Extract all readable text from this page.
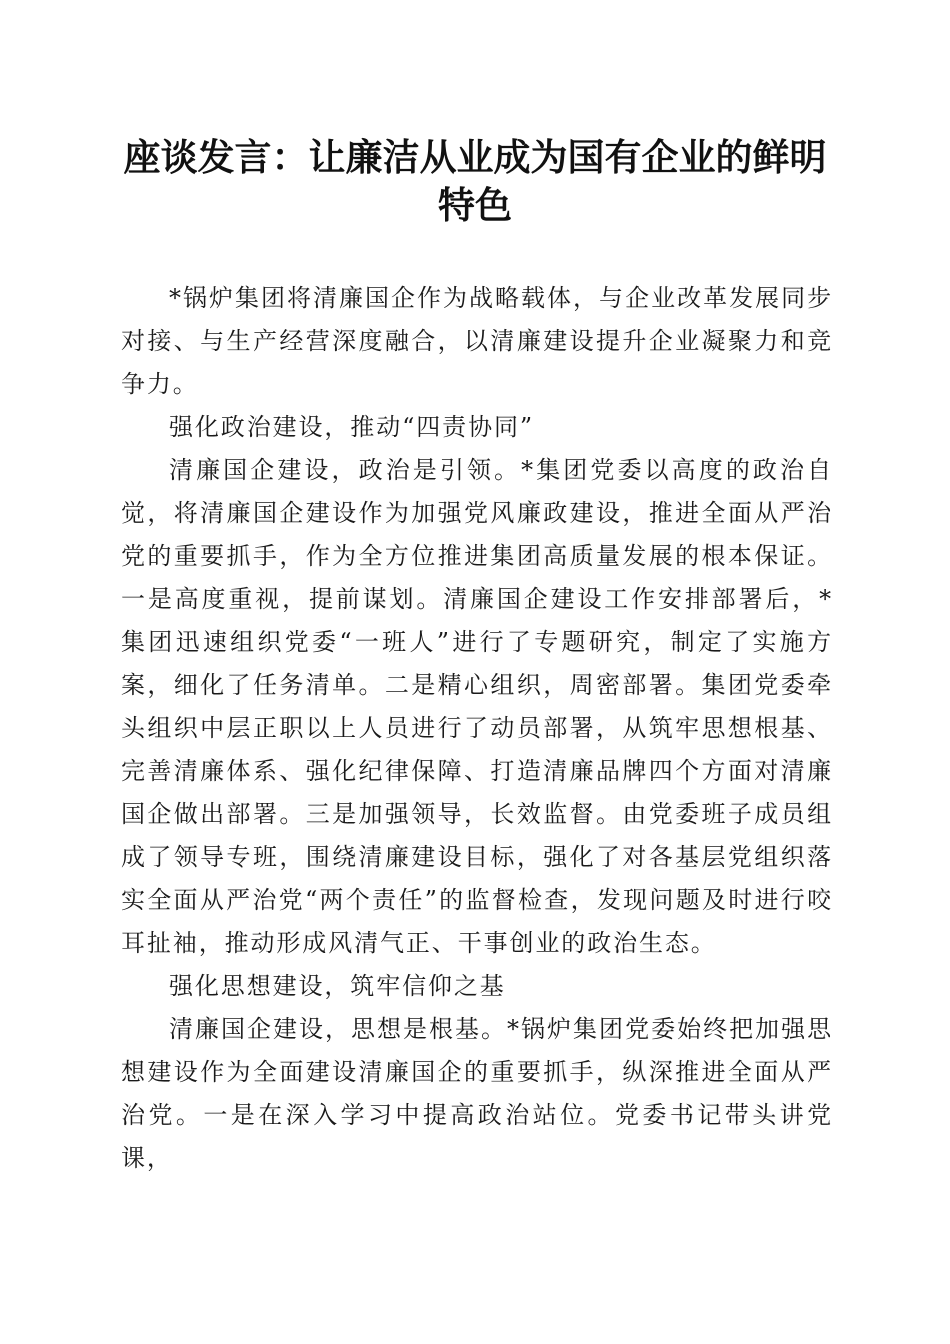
座谈发言：让廉洁从业成为国有企业的鲜明特色

*锅炉集团将清廉国企作为战略载体，与企业改革发展同步对接、与生产经营深度融合，以清廉建设提升企业凝聚力和竞争力。

强化政治建设，推动“四责协同”

清廉国企建设，政治是引领。*集团党委以高度的政治自觉，将清廉国企建设作为加强党风廉政建设，推进全面从严治党的重要抓手，作为全方位推进集团高质量发展的根本保证。一是高度重视，提前谋划。清廉国企建设工作安排部署后，*集团迅速组织党委“一班人”进行了专题研究，制定了实施方案，细化了任务清单。二是精心组织，周密部署。集团党委牵头组织中层正职以上人员进行了动员部署，从筑牢思想根基、完善清廉体系、强化纪律保障、打造清廉品牌四个方面对清廉国企做出部署。三是加强领导，长效监督。由党委班子成员组成了领导专班，围绕清廉建设目标，强化了对各基层党组织落实全面从严治党“两个责任”的监督检查，发现问题及时进行咬耳扯袖，推动形成风清气正、干事创业的政治生态。

强化思想建设，筑牢信仰之基

清廉国企建设，思想是根基。*锅炉集团党委始终把加强思想建设作为全面建设清廉国企的重要抓手，纵深推进全面从严治党。一是在深入学习中提高政治站位。党委书记带头讲党课，
